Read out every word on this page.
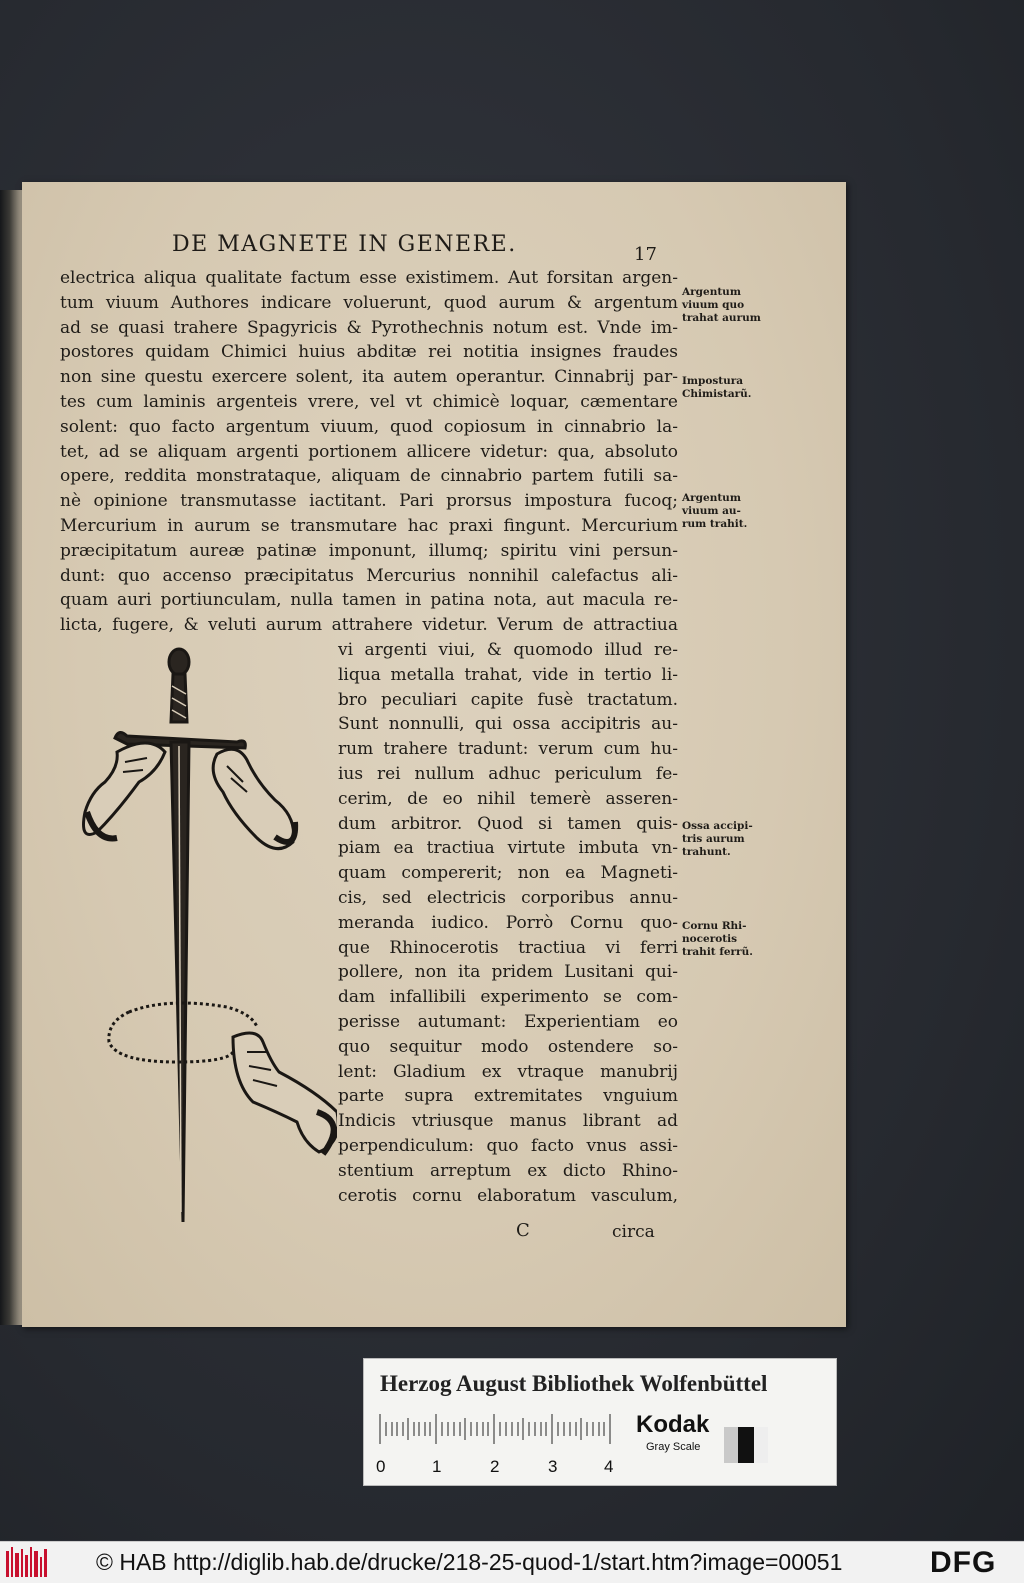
DE MAGNETE IN GENERE.	17
electrica aliqua qualitate factum esse existimem. Aut forsitan argen-
tum viuum Authores indicare voluerunt, quod aurum & argentum
ad se quasi trahere Spagyricis & Pyrothechnis notum est. Vnde im-
postores quidam Chimici huius abditæ rei notitia insignes fraudes
non sine questu exercere solent, ita autem operantur. Cinnabrij par-
tes cum laminis argenteis vrere, vel vt chimicè loquar, cæmentare
solent: quo facto argentum viuum, quod copiosum in cinnabrio la-
tet, ad se aliquam argenti portionem allicere videtur: qua, absoluto
opere, reddita monstrataque, aliquam de cinnabrio partem futili sa-
nè opinione transmutasse iactitant. Pari prorsus impostura fucoq;
Mercurium in aurum se transmutare hac praxi fingunt. Mercurium
præcipitatum aureæ patinæ imponunt, illumq; spiritu vini persun-
dunt: quo accenso præcipitatus Mercurius nonnihil calefactus ali-
quam auri portiunculam, nulla tamen in patina nota, aut macula re-
licta, fugere, & veluti aurum attrahere videtur. Verum de attractiua
vi argenti viui, & quomodo illud re-
liqua metalla trahat, vide in tertio li-
bro peculiari capite fusè tractatum.
Sunt nonnulli, qui ossa accipitris au-
rum trahere tradunt: verum cum hu-
ius rei nullum adhuc periculum fe-
cerim, de eo nihil temerè asseren-
dum arbitror. Quod si tamen quis-
piam ea tractiua virtute imbuta vn-
quam compererit; non ea Magneti-
cis, sed electricis corporibus annu-
meranda iudico. Porrò Cornu quo-
que Rhinocerotis tractiua vi ferri
pollere, non ita pridem Lusitani qui-
dam infallibili experimento se com-
perisse autumant: Experientiam eo
quo sequitur modo ostendere so-
lent: Gladium ex vtraque manubrij
parte supra extremitates vnguium
Indicis vtriusque manus librant ad
perpendiculum: quo facto vnus assi-
stentium arreptum ex dicto Rhino-
cerotis cornu elaboratum vasculum,
C	circa
Argentum
viuum quo
trahat aurum
Impostura
Chimistarũ.
Argentum
viuum au-
rum trahit.
Ossa accipi-
tris aurum
trahunt.
Cornu Rhi-
nocerotis
trahit ferrũ.
Herzog August Bibliothek Wolfenbüttel
0	1	2	3	4
Kodak
Gray Scale
© HAB http://diglib.hab.de/drucke/218-25-quod-1/start.htm?image=00051	DFG
